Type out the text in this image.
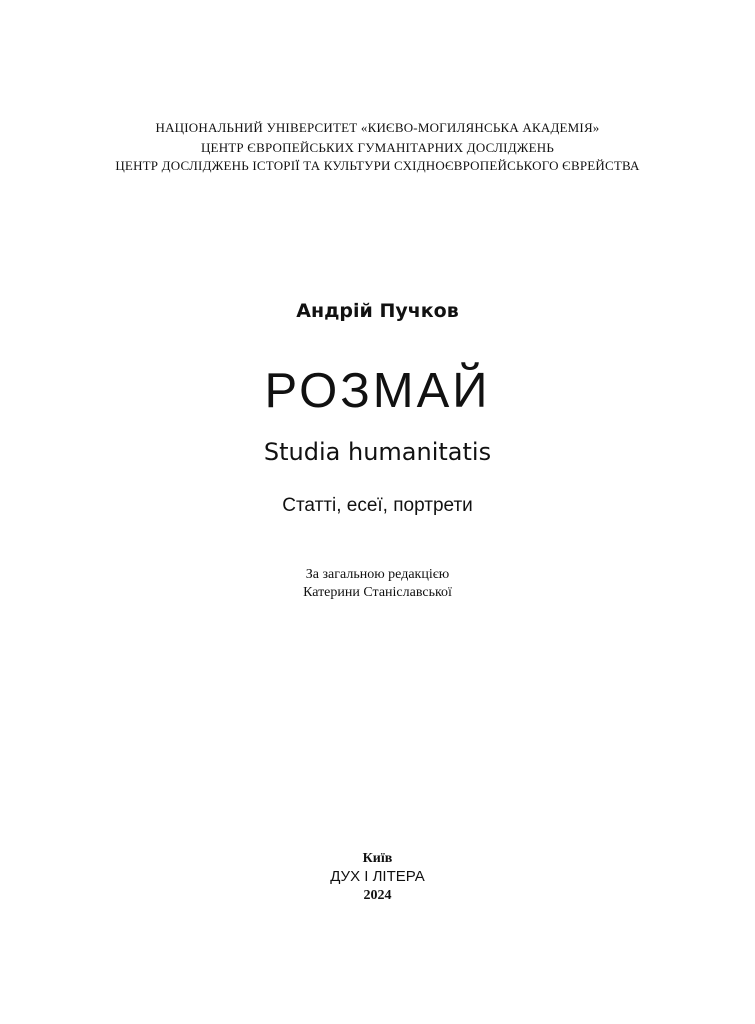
НАЦІОНАЛЬНИЙ УНІВЕРСИТЕТ «КИЄВО-МОГИЛЯНСЬКА АКАДЕМІЯ»
ЦЕНТР ЄВРОПЕЙСЬКИХ ГУМАНІТАРНИХ ДОСЛІДЖЕНЬ
ЦЕНТР ДОСЛІДЖЕНЬ ІСТОРІЇ ТА КУЛЬТУРИ СХІДНОЄВРОПЕЙСЬКОГО ЄВРЕЙСТВА
Андрій Пучков
РОЗМАЙ
Studia humanitatis
Статті, есеї, портрети
За загальною редакцією
Катерини Станіславської
Київ
ДУХ І ЛІТЕРА
2024
